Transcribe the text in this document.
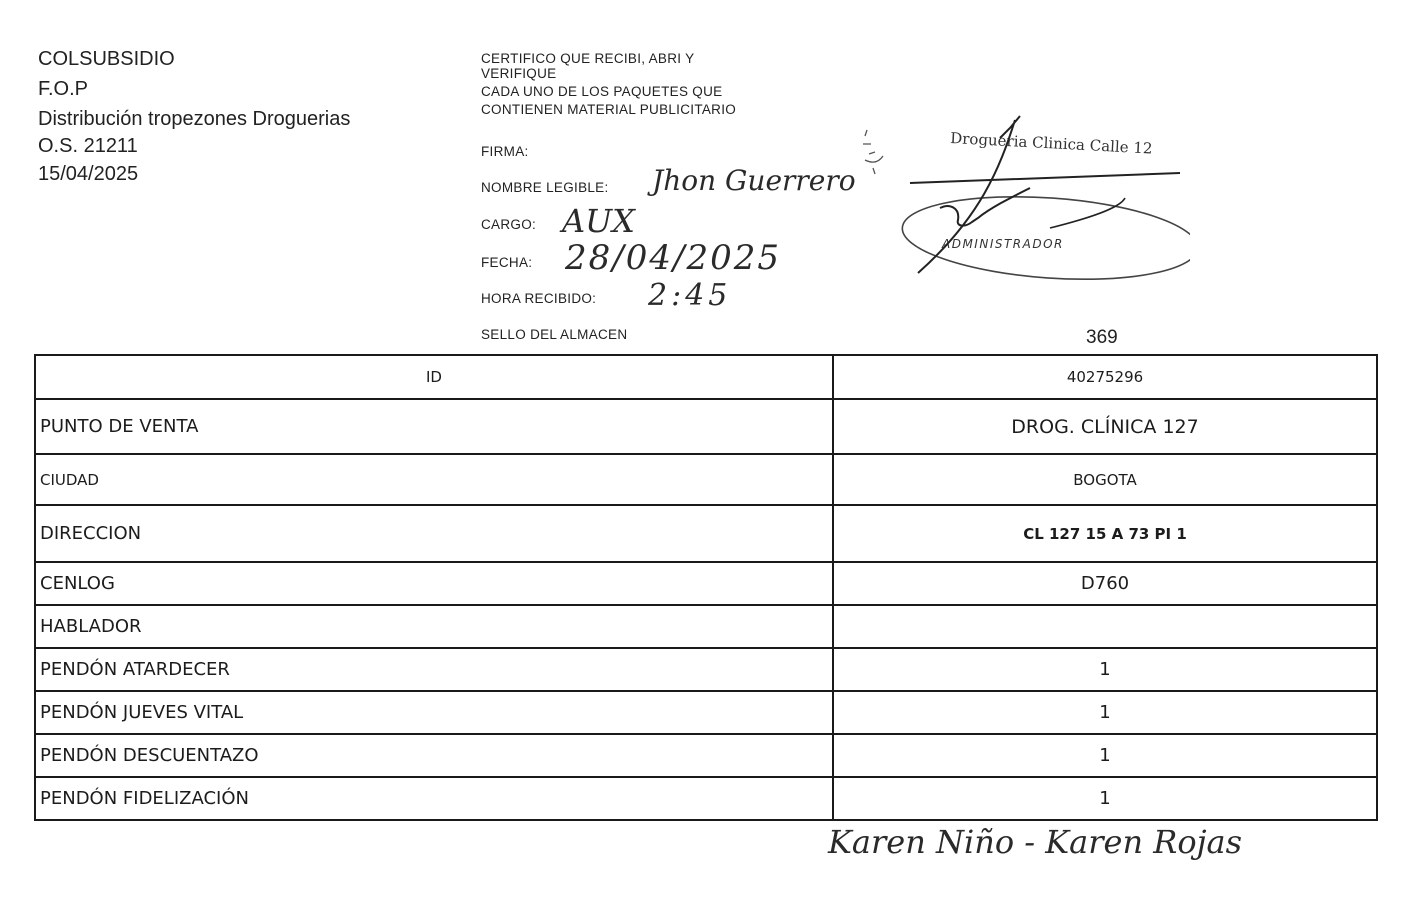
COLSUBSIDIO
F.O.P
Distribución tropezones Droguerias
O.S. 21211
15/04/2025
CERTIFICO QUE RECIBI, ABRI Y
VERIFIQUE
CADA UNO DE LOS PAQUETES QUE
CONTIENEN MATERIAL PUBLICITARIO
FIRMA:
NOMBRE LEGIBLE:
CARGO:
FECHA:
HORA RECIBIDO:
SELLO DEL ALMACEN
Jhon Guerrero
AUX
28/04/2025
2:45
Drogueria Clinica Calle 12
ADMINISTRADOR
369
ID	40275296
PUNTO DE VENTA	DROG. CLÍNICA 127
CIUDAD	BOGOTA
DIRECCION	CL 127 15 A 73 PI 1
CENLOG	D760
HABLADOR	
PENDÓN ATARDECER	1
PENDÓN JUEVES VITAL	1
PENDÓN DESCUENTAZO	1
PENDÓN FIDELIZACIÓN	1
Karen Niño - Karen Rojas
